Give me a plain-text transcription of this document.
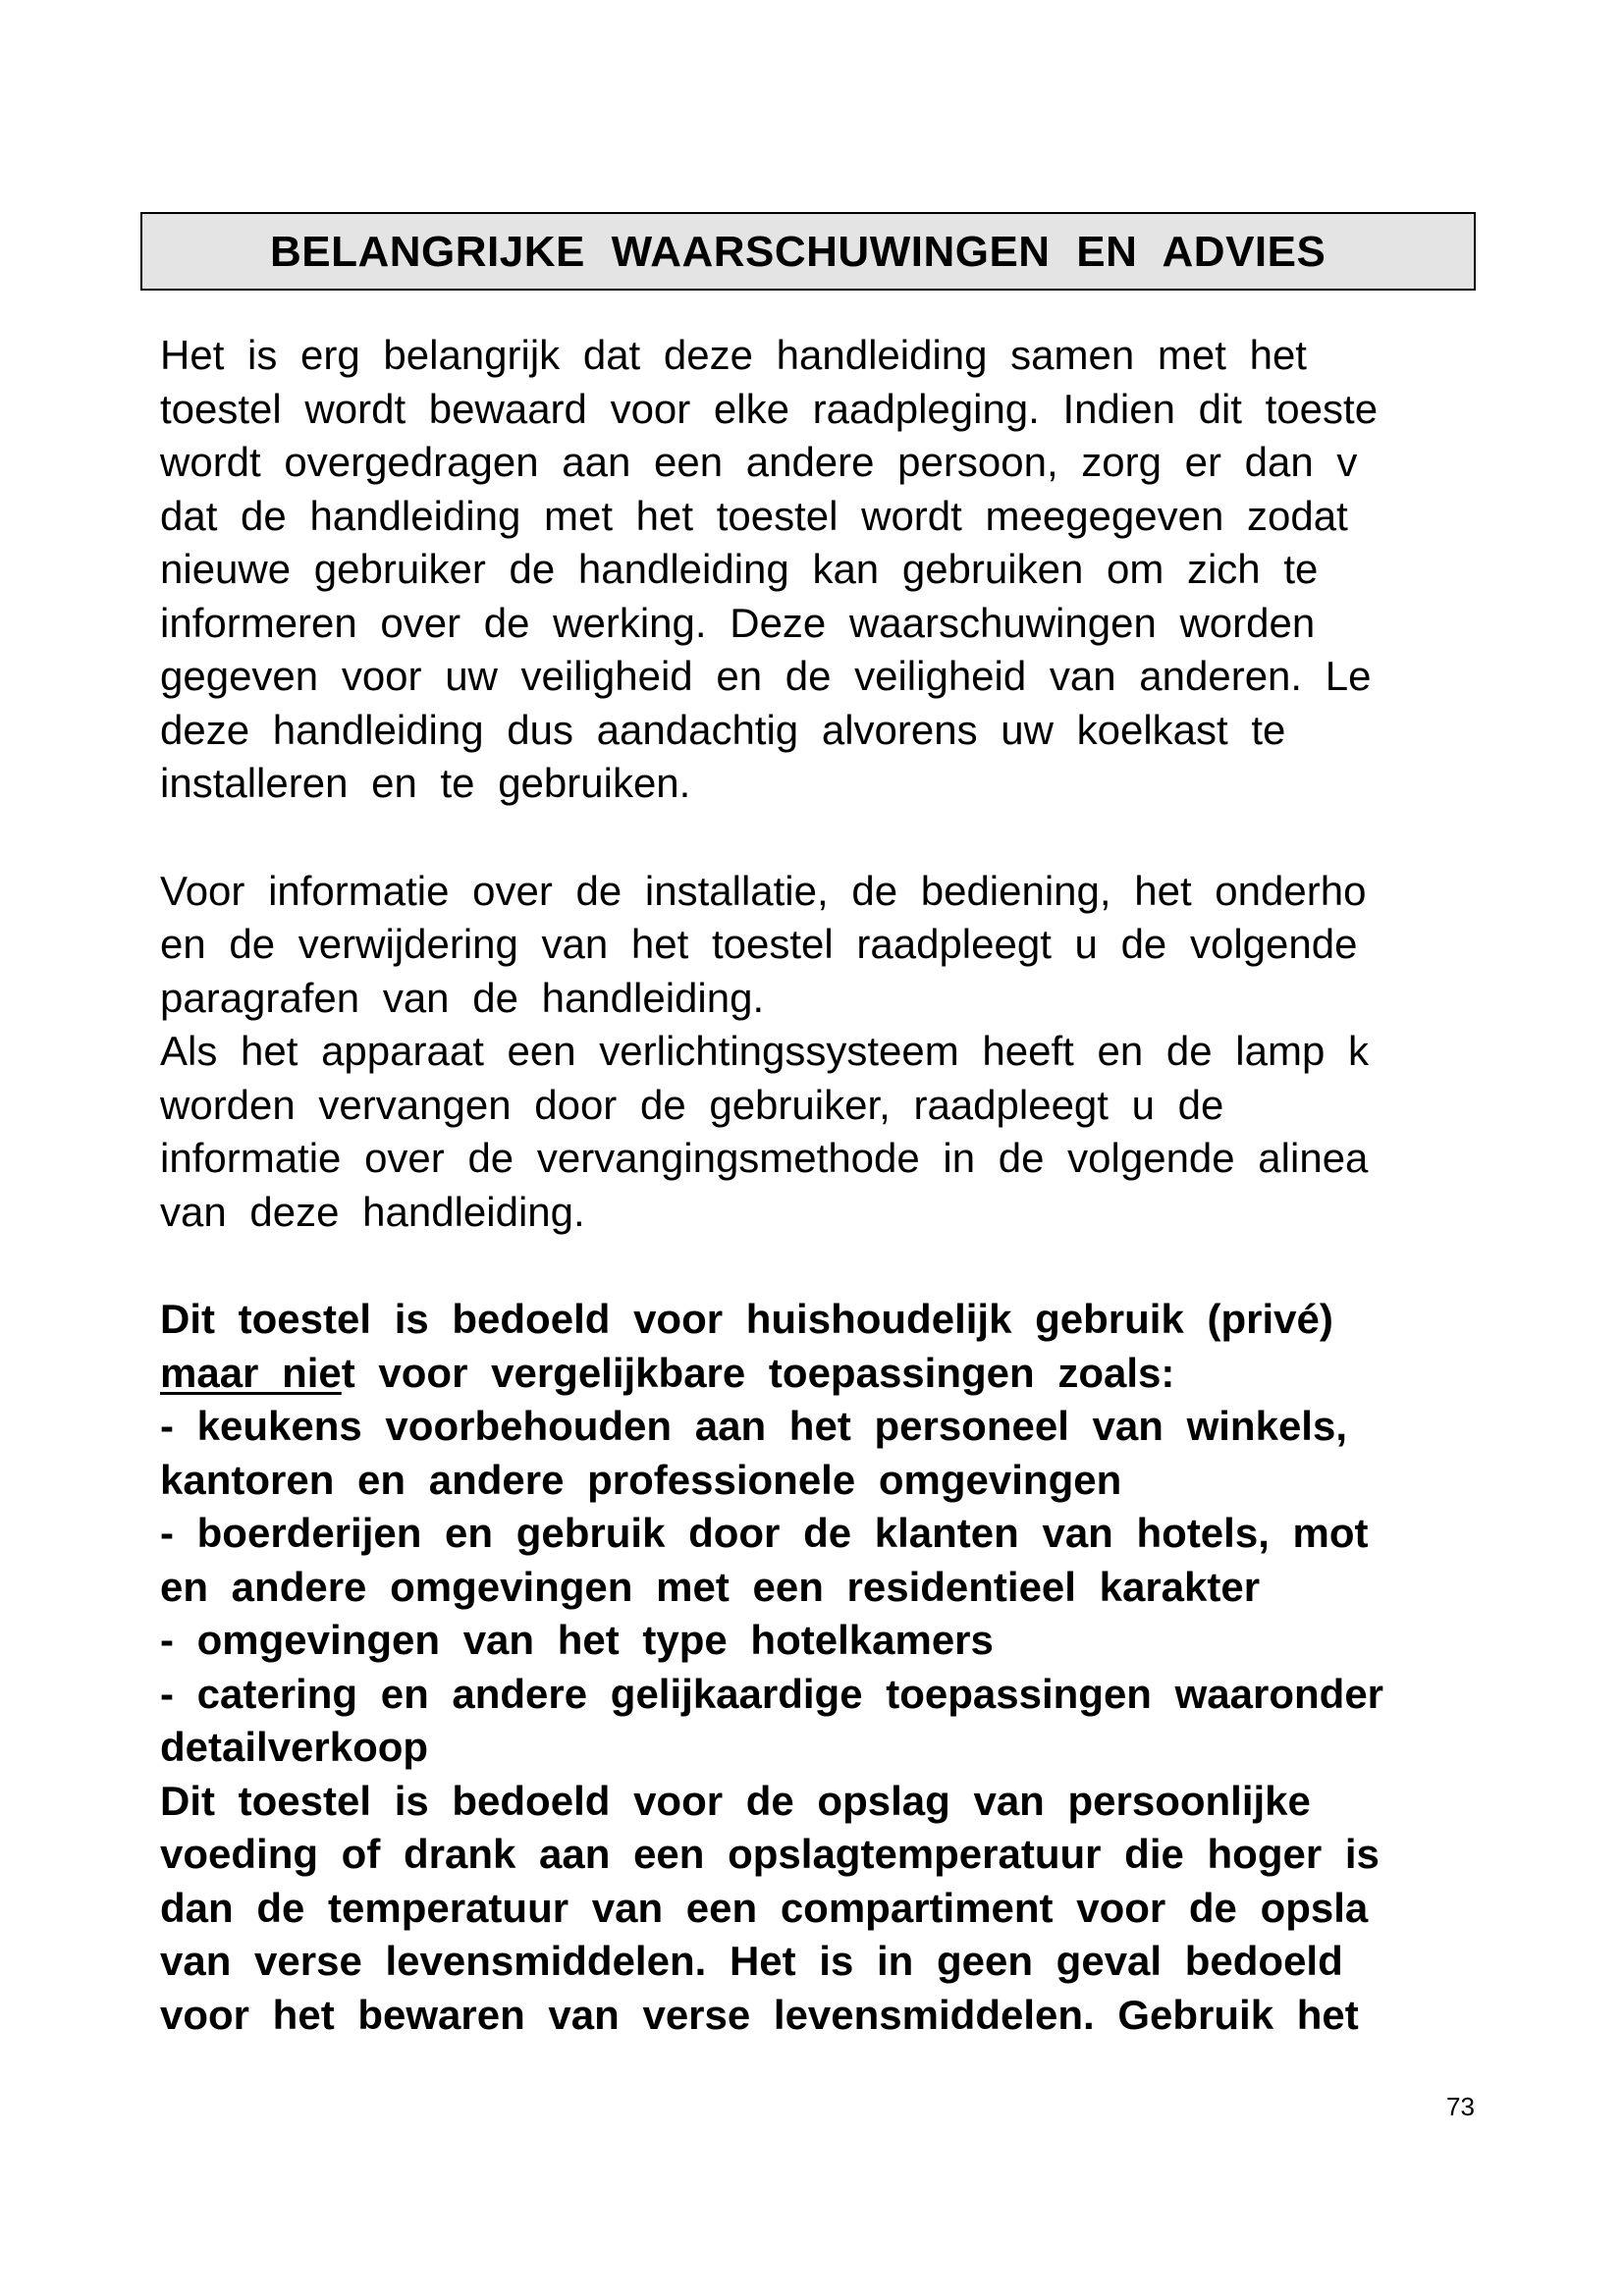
BELANGRIJKE WAARSCHUWINGEN EN ADVIES
Het is erg belangrijk dat deze handleiding samen met het
toestel wordt bewaard voor elke raadpleging. Indien dit toeste
wordt overgedragen aan een andere persoon, zorg er dan v
dat de handleiding met het toestel wordt meegegeven zodat
nieuwe gebruiker de handleiding kan gebruiken om zich te
informeren over de werking. Deze waarschuwingen worden
gegeven voor uw veiligheid en de veiligheid van anderen. Le
deze handleiding dus aandachtig alvorens uw koelkast te
installeren en te gebruiken.
Voor informatie over de installatie, de bediening, het onderho
en de verwijdering van het toestel raadpleegt u de volgende
paragrafen van de handleiding.
Als het apparaat een verlichtingssysteem heeft en de lamp k
worden vervangen door de gebruiker, raadpleegt u de
informatie over de vervangingsmethode in de volgende alinea
van deze handleiding.
Dit toestel is bedoeld voor huishoudelijk gebruik (privé)
maar niet voor vergelijkbare toepassingen zoals:
- keukens voorbehouden aan het personeel van winkels,
kantoren en andere professionele omgevingen
- boerderijen en gebruik door de klanten van hotels, mot
en andere omgevingen met een residentieel karakter
- omgevingen van het type hotelkamers
- catering en andere gelijkaardige toepassingen waaronder
detailverkoop
Dit toestel is bedoeld voor de opslag van persoonlijke
voeding of drank aan een opslagtemperatuur die hoger is
dan de temperatuur van een compartiment voor de opsla
van verse levensmiddelen. Het is in geen geval bedoeld
voor het bewaren van verse levensmiddelen. Gebruik het
73
